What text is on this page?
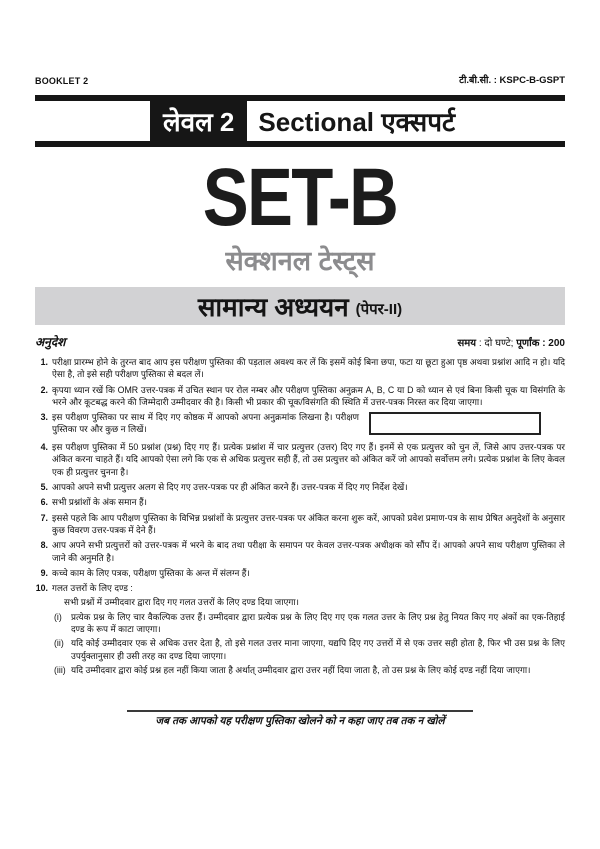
BOOKLET 2	टी.बी.सी. : KSPC-B-GSPT
लेवल 2 Sectional एक्सपर्ट
SET-B
सेक्शनल टेस्ट्स
सामान्य अध्ययन (पेपर-II)
अनुदेश	समय : दो घण्टे; पूर्णांक : 200
1. परीक्षा प्रारम्भ होने के तुरन्त बाद आप इस परीक्षण पुस्तिका की पड़ताल अवश्य कर लें कि इसमें कोई बिना छपा, फटा या छूटा हुआ पृष्ठ अथवा प्रश्नांश आदि न हो। यदि ऐसा है, तो इसे सही परीक्षण पुस्तिका से बदल लें।
2. कृपया ध्यान रखें कि OMR उत्तर-पत्रक में उचित स्थान पर रोल नम्बर और परीक्षण पुस्तिका अनुक्रम A, B, C या D को ध्यान से एवं बिना किसी चूक या विसंगति के भरने और कूटबद्ध करने की जिम्मेदारी उम्मीदवार की है। किसी भी प्रकार की चूक/विसंगति की स्थिति में उत्तर-पत्रक निरस्त कर दिया जाएगा।
3. इस परीक्षण पुस्तिका पर साथ में दिए गए कोष्ठक में आपको अपना अनुक्रमांक लिखना है। परीक्षण पुस्तिका पर और कुछ न लिखें।
4. इस परीक्षण पुस्तिका में 50 प्रश्नांश (प्रश्न) दिए गए हैं। प्रत्येक प्रश्नांश में चार प्रत्युत्तर (उत्तर) दिए गए हैं। इनमें से एक प्रत्युत्तर को चुन लें, जिसे आप उत्तर-पत्रक पर अंकित करना चाहते हैं। यदि आपको ऐसा लगे कि एक से अधिक प्रत्युत्तर सही हैं, तो उस प्रत्युत्तर को अंकित करें जो आपको सर्वोत्तम लगे। प्रत्येक प्रश्नांश के लिए केवल एक ही प्रत्युत्तर चुनना है।
5. आपको अपने सभी प्रत्युत्तर अलग से दिए गए उत्तर-पत्रक पर ही अंकित करने हैं। उत्तर-पत्रक में दिए गए निर्देश देखें।
6. सभी प्रश्नांशों के अंक समान हैं।
7. इससे पहले कि आप परीक्षण पुस्तिका के विभिन्न प्रश्नांशों के प्रत्युत्तर उत्तर-पत्रक पर अंकित करना शुरू करें, आपको प्रवेश प्रमाण-पत्र के साथ प्रेषित अनुदेशों के अनुसार कुछ विवरण उत्तर-पत्रक में देने हैं।
8. आप अपने सभी प्रत्युत्तरों को उत्तर-पत्रक में भरने के बाद तथा परीक्षा के समापन पर केवल उत्तर-पत्रक अधीक्षक को सौंप दें। आपको अपने साथ परीक्षण पुस्तिका ले जाने की अनुमति है।
9. कच्चे काम के लिए पत्रक, परीक्षण पुस्तिका के अन्त में संलग्न हैं।
10. गलत उत्तरों के लिए दण्ड :
सभी प्रश्नों में उम्मीदवार द्वारा दिए गए गलत उत्तरों के लिए दण्ड दिया जाएगा।
(i)	प्रत्येक प्रश्न के लिए चार वैकल्पिक उत्तर हैं। उम्मीदवार द्वारा प्रत्येक प्रश्न के लिए दिए गए एक गलत उत्तर के लिए प्रश्न हेतु नियत किए गए अंकों का एक-तिहाई दण्ड के रूप में काटा जाएगा।
(ii) यदि कोई उम्मीदवार एक से अधिक उत्तर देता है, तो इसे गलत उत्तर माना जाएगा, यद्यपि दिए गए उत्तरों में से एक उत्तर सही होता है, फिर भी उस प्रश्न के लिए उपर्युक्तानुसार ही उसी तरह का दण्ड दिया जाएगा।
(iii) यदि उम्मीदवार द्वारा कोई प्रश्न हल नहीं किया जाता है अर्थात् उम्मीदवार द्वारा उत्तर नहीं दिया जाता है, तो उस प्रश्न के लिए कोई दण्ड नहीं दिया जाएगा।
जब तक आपको यह परीक्षण पुस्तिका खोलने को न कहा जाए तब तक न खोलें
